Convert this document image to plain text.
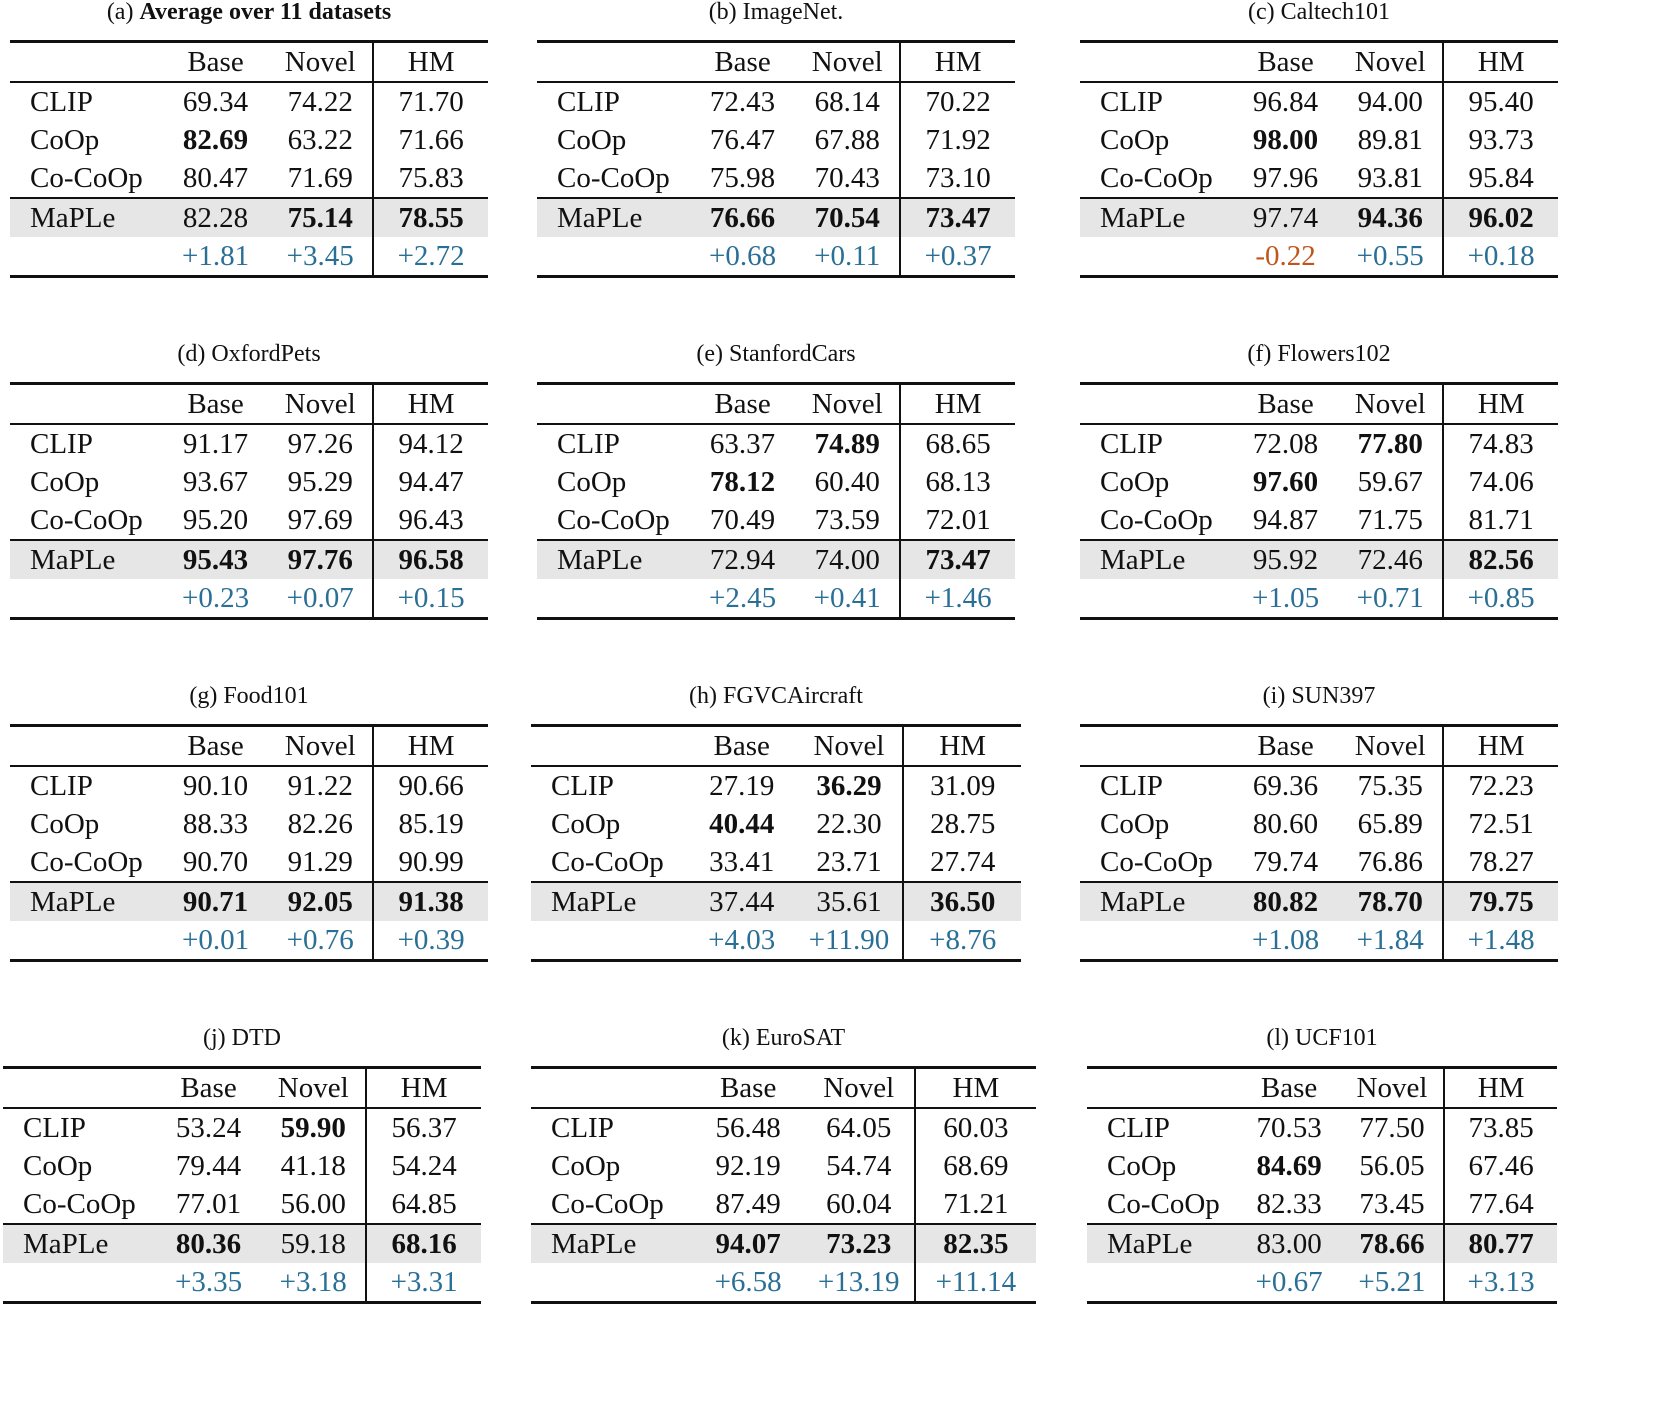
(a) Average over 11 datasets
	Base	Novel	HM
CLIP	69.34	74.22	71.70
CoOp	82.69	63.22	71.66
Co-CoOp	80.47	71.69	75.83
MaPLe	82.28	75.14	78.55
	+1.81	+3.45	+2.72
(b) ImageNet.
	Base	Novel	HM
CLIP	72.43	68.14	70.22
CoOp	76.47	67.88	71.92
Co-CoOp	75.98	70.43	73.10
MaPLe	76.66	70.54	73.47
	+0.68	+0.11	+0.37
(c) Caltech101
	Base	Novel	HM
CLIP	96.84	94.00	95.40
CoOp	98.00	89.81	93.73
Co-CoOp	97.96	93.81	95.84
MaPLe	97.74	94.36	96.02
	-0.22	+0.55	+0.18
(d) OxfordPets
	Base	Novel	HM
CLIP	91.17	97.26	94.12
CoOp	93.67	95.29	94.47
Co-CoOp	95.20	97.69	96.43
MaPLe	95.43	97.76	96.58
	+0.23	+0.07	+0.15
(e) StanfordCars
	Base	Novel	HM
CLIP	63.37	74.89	68.65
CoOp	78.12	60.40	68.13
Co-CoOp	70.49	73.59	72.01
MaPLe	72.94	74.00	73.47
	+2.45	+0.41	+1.46
(f) Flowers102
	Base	Novel	HM
CLIP	72.08	77.80	74.83
CoOp	97.60	59.67	74.06
Co-CoOp	94.87	71.75	81.71
MaPLe	95.92	72.46	82.56
	+1.05	+0.71	+0.85
(g) Food101
	Base	Novel	HM
CLIP	90.10	91.22	90.66
CoOp	88.33	82.26	85.19
Co-CoOp	90.70	91.29	90.99
MaPLe	90.71	92.05	91.38
	+0.01	+0.76	+0.39
(h) FGVCAircraft
	Base	Novel	HM
CLIP	27.19	36.29	31.09
CoOp	40.44	22.30	28.75
Co-CoOp	33.41	23.71	27.74
MaPLe	37.44	35.61	36.50
	+4.03	+11.90	+8.76
(i) SUN397
	Base	Novel	HM
CLIP	69.36	75.35	72.23
CoOp	80.60	65.89	72.51
Co-CoOp	79.74	76.86	78.27
MaPLe	80.82	78.70	79.75
	+1.08	+1.84	+1.48
(j) DTD
	Base	Novel	HM
CLIP	53.24	59.90	56.37
CoOp	79.44	41.18	54.24
Co-CoOp	77.01	56.00	64.85
MaPLe	80.36	59.18	68.16
	+3.35	+3.18	+3.31
(k) EuroSAT
	Base	Novel	HM
CLIP	56.48	64.05	60.03
CoOp	92.19	54.74	68.69
Co-CoOp	87.49	60.04	71.21
MaPLe	94.07	73.23	82.35
	+6.58	+13.19	+11.14
(l) UCF101
	Base	Novel	HM
CLIP	70.53	77.50	73.85
CoOp	84.69	56.05	67.46
Co-CoOp	82.33	73.45	77.64
MaPLe	83.00	78.66	80.77
	+0.67	+5.21	+3.13
